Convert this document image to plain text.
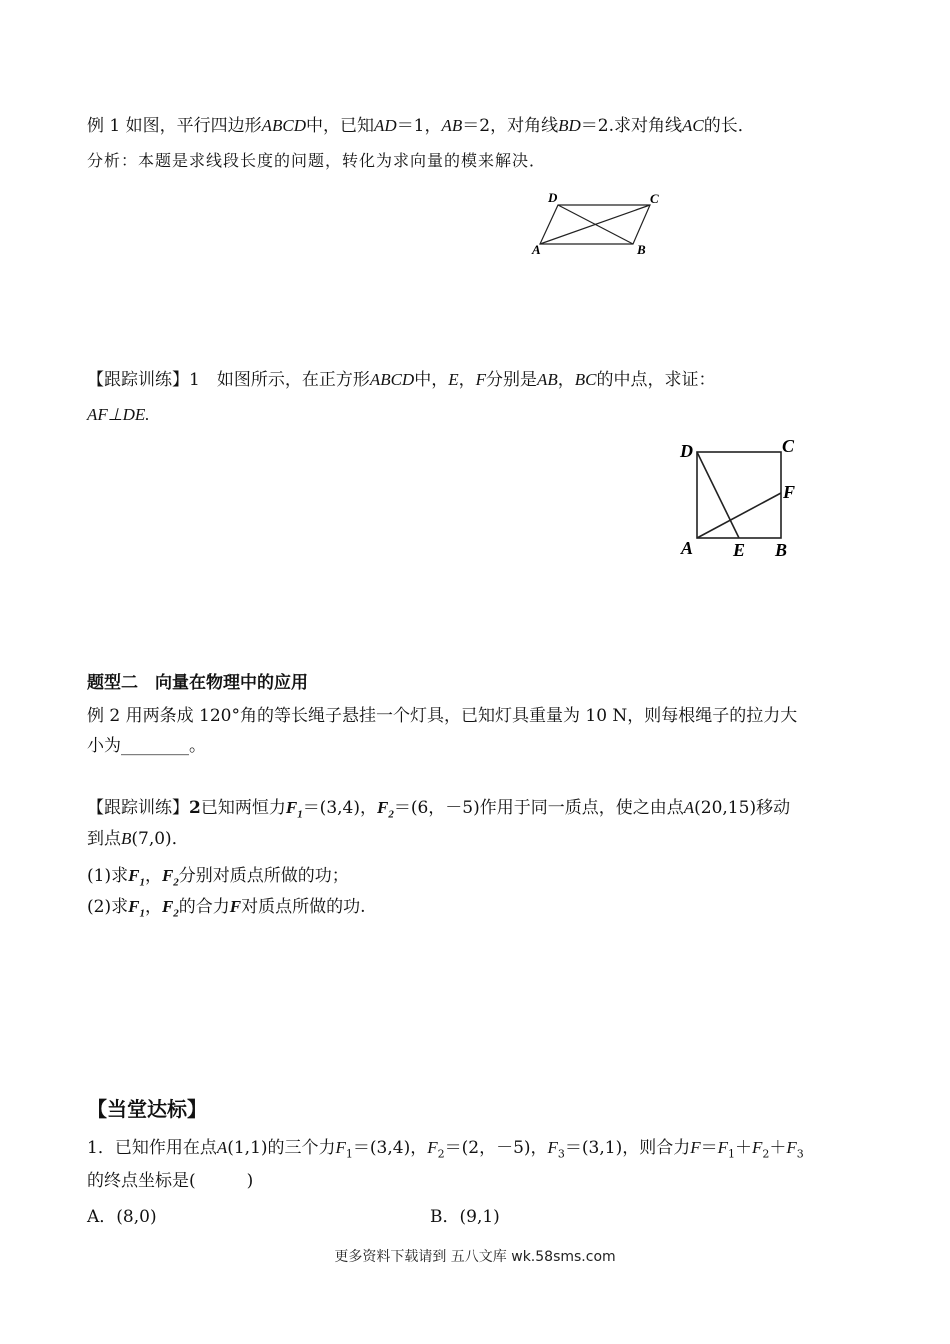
例 1 如图，平行四边形ABCD中，已知AD＝1，AB＝2，对角线BD＝2.求对角线AC的长．
分析：本题是求线段长度的问题，转化为求向量的模来解决．
D	C
A	B
【跟踪训练】1　如图所示，在正方形ABCD中，E，F分别是AB，BC的中点，求证：
AF⊥DE.
D	C
F
A E B
题型二　向量在物理中的应用
例 2 用两条成 120°角的等长绳子悬挂一个灯具，已知灯具重量为 10 N，则每根绳子的拉力大
小为________。
【跟踪训练】2已知两恒力$F_1=(3,4)$，$F_2=(6$，－5)作用于同一质点，使之由点A(20,15)移动
到点B(7,0)．
(1)求$F_1$，$F_2$分别对质点所做的功；
(2)求$F_1$，$F_2$的合力F对质点所做的功.
【当堂达标】
1．已知作用在点A(1,1)的三个力$F_1=(3,4)$，$F_2=(2$，－5)，$F_3=(3,1)$，则合力$F=F_1+F_2+F_3$
的终点坐标是(　　　)
A．(8,0)	B．(9,1)
更多资料下载请到 五八文库 wk.58sms.com
